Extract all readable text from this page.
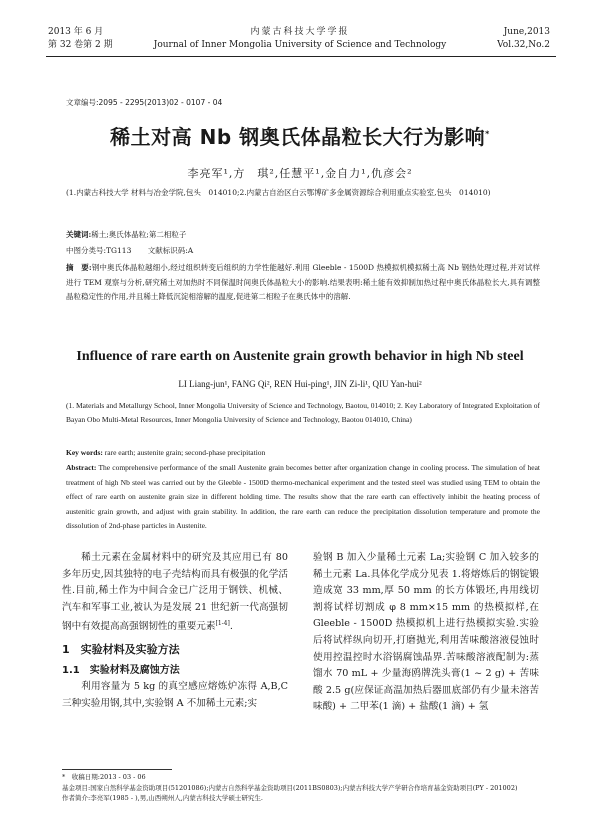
2013 年 6 月
第 32 卷第 2 期
内蒙古科技大学学报
Journal of Inner Mongolia University of Science and Technology
June,2013
Vol.32,No.2
文章编号:2095 - 2295(2013)02 - 0107 - 04
稀土对高 Nb 钢奥氏体晶粒长大行为影响*
李亮军¹,方　琪²,任慧平¹,金自力¹,仇彦会²
(1.内蒙古科技大学 材料与冶金学院,包头　014010;2.内蒙古自治区白云鄂博矿多金属资源综合利用重点实验室,包头　014010)
关键词:稀土;奥氏体晶粒;第二相粒子
中图分类号:TG113 文献标识码:A
摘　要:钢中奥氏体晶粒越细小,经过组织转变后组织的力学性能越好.利用 Gleeble - 1500D 热模拟机模拟稀土高 Nb 钢热处理过程,并对试样进行 TEM 观察与分析,研究稀土对加热时不同保温时间奥氏体晶粒大小的影响.结果表明:稀土能有效抑制加热过程中奥氏体晶粒长大,具有调整晶粒稳定性的作用,并且稀土降低沉淀相溶解的温度,促进第二相粒子在奥氏体中的溶解.
Influence of rare earth on Austenite grain growth behavior in high Nb steel
LI Liang-jun¹, FANG Qi², REN Hui-ping¹, JIN Zi-li¹, QIU Yan-hui²
(1. Materials and Metallurgy School, Inner Mongolia University of Science and Technology, Baotou, 014010; 2. Key Laboratory of Integrated Exploitation of Bayan Obo Multi-Metal Resources, Inner Mongolia University of Science and Technology, Baotou 014010, China)
Key words: rare earth; austenite grain; second-phase precipitation
Abstract: The comprehensive performance of the small Austenite grain becomes better after organization change in cooling process. The simulation of heat treatment of high Nb steel was carried out by the Gleeble - 1500D thermo-mechanical experiment and the tested steel was studied using TEM to obtain the effect of rare earth on austenite grain size in different holding time. The results show that the rare earth can effectively inhibit the heating process of austenitic grain growth, and adjust with grain stability. In addition, the rare earth can reduce the precipitation dissolution temperature and promote the dissolution of 2nd-phase particles in Austenite.

稀土元素在金属材料中的研究及其应用已有 80 多年历史,因其独特的电子壳结构而具有极强的化学活性.目前,稀土作为中间合金已广泛用于钢铁、机械、汽车和军事工业,被认为是发展 21 世纪新一代高强韧钢中有效提高高强钢韧性的重要元素[1-4].

1　实验材料及实验方法
1.1　实验材料及腐蚀方法

利用容量为 5 kg 的真空感应熔炼炉冻得 A,B,C 三种实验用钢,其中,实验钢 A 不加稀土元素;实

验钢 B 加入少量稀土元素 La;实验钢 C 加入较多的稀土元素 La.具体化学成分见表 1.将熔炼后的钢锭锻造成宽 33 mm,厚 50 mm 的长方体锻坯,冉用线切割将试样切割成 φ 8 mm×15 mm 的热模拟样,在 Gleeble - 1500D 热模拟机上进行热模拟实验.实验后将试样纵向切开,打磨抛光,利用苦味酸溶液侵蚀时使用控温控时水浴锅腐蚀晶界.苦味酸溶液配制为:蒸馏水 70 mL + 少量海鸥牌洗头膏(1 ~ 2 g) + 苦味酸 2.5 g(应保证高温加热后器皿底部仍有少量未溶苦味酸) + 二甲苯(1 滴) + 盐酸(1 滴) + 氢

*　收稿日期:2013 - 03 - 06
基金项目:国家自然科学基金资助项目(51201086);内蒙古自然科学基金资助项目(2011BS0803);内蒙古科技大学产学研合作培育基金资助项目(PY - 201002)
作者简介:李亮军(1985 - ),男,山西朔州人,内蒙古科技大学硕士研究生.
